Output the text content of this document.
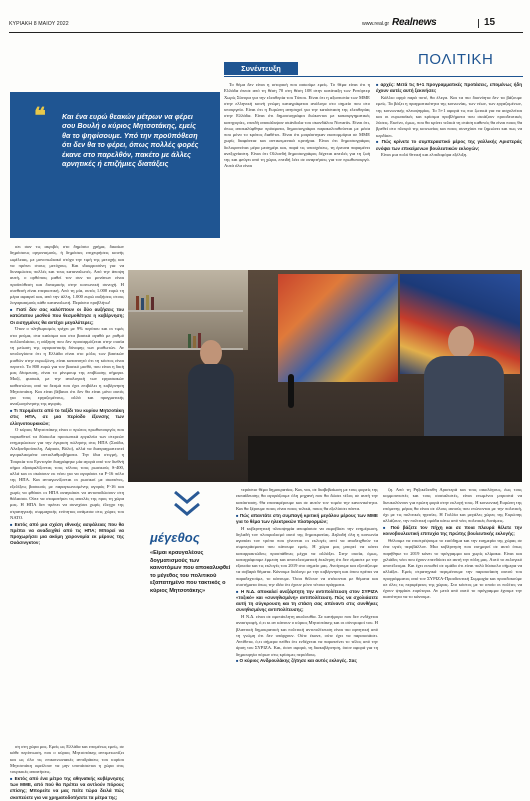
ΚΥΡΙΑΚΗ 8 ΜΑΙΟΥ 2022	www.real.gr Realnews	15
Συνέντευξη
ΠΟΛΙΤΙΚΗ
❝ Και ένα ευρώ θεακών μέτρων να φέρει σου Βουλή ο κύριος Μητσοτάκης, εμείς θα το ψηφίσουμε. Υπό την προϋπόθεση ότι δεν θα το φέρει, όπως πολλές φορές έκανε στο παρελθόν, πακέτο με άλλες αρνητικές ή επιζήμιες διατάξεις

Το θέμα δεν είναι η ιστορική που ασκούμε εμείς. Το θέμα είναι ότι η Ελλάδα έπεσε από τη θέση 70 στη θέση 108 στην κατάταξη των Ρεπόρτερ Χωρίς Σύνορα για την ελευθερία του Τύπου. Είναι ότι η αξιοπιστία των ΜΜΕ στην ελληνική κοινή γνώμη καταγράφεται ανάλογα στο σημείο που στο υπουργείο. Είναι ότι η Ευρώπη ανησυχεί για την κατάσταση της ελευθερίας στην Ελλάδα. Είναι ότι δημοσιογράφοι διώκονται με κακουργηματικές κατηγορίες, επειδή αποκάλυψαν σκάνδαλα του σκανδάλου Novartis. Είναι ότι, όπως αποκαλύφθηκε πρόσφατα, δημοσιογράφοι παρακολουθούνται με μέσα που μόνο το κράτος διαθέτει. Είναι ότι μοιράστηκαν εκατομμύρια σε ΜΜΕ χωρίς διαφάνεια και αντικειμενικά κριτήρια. Είναι ότι δημοσιογράφος δολοφονείται μέρα μεσημέρι και, παρά τις υποσχέσεις, τη έρευνα παραμένει ανεξιχνίαστη. Είναι ότι Ολλανδή δημοσιογράφος δέχεται απειλές για τη ζωή της και φεύγει από τη χώρα, επειδή λέει σε αναρτήσεις για τον πρωθυπουργό. Αυτά όλα είναι

■ αρχές: Μετά τις 5+1 προγραμματικές προτάσεις, επομένως ήδη έχουν αυτές αυτή ξεκινήσει;

Κάλλιο αργά παρά ποτέ, θα έλεγα. Και τα πιο δυσνόητα δεν τα βάζουμε εμείς. Τα βάζει η πραγματικότητα της κοινωνίας, των νέων, των εργαζομένων, της κοινωνικής πλειοψηφίας. Το 5+1 αφορά τις πιο ζωτικά για να ασχολείται και οι ευρωπαϊκές και κρίσιμα προβλήματα που σκιάζουν προοδευτικές λύσεις. Εκείνο, όμως, που θα κρίνει τελικά τη στάση καθενός θα είναι ποιος θα βρεθεί στο πλευρό της κοινωνίας και ποιος συνεχίσει να ζημιώνει και πως να κερδίσει.

■ Πώς κρίνετε το συμπεραστικό μέρος της γαλλικής Αριστεράς ενόψει των επικείμενων βουλευτικών εκλογών;

Είναι μια πολύ θετική και ελπιδοφόρα εξέλιξη.

σει σαν τις ακριβές στο δημόσιο χρήμα, δικαίων δημόσιους οργανισμούς, ή δημόσιες επιχειρήσεις κοινής ωφέλειας, με μονοπωλιακό στόχο την τιμή της μετοχής και να πρέπει στους μετόχους. Και ιδιοφροσύνη για να δυναμώσεις πολλές και τους καταναλωτές. Από την άποψη αυτή, ο ορθόποις μαθεί τον συν τα μονάνων είναι προϋπόθεση και δυναμικής στην κοινωνική συνοχή. Η συνθεσή είναι επερκοτική. Από τη μία, ουτός 1.000 ευρώ τη μέρα αφαιρεί και, από την άλλη, 1.000 ευρώ αυξήσεις στους λογαριασμούς κάθε καταναλωτή. Περάστο προβλήτω!

■ Γιατί δεν σας καλύπτουν οι δύο αυξήσεις του κατώτατου μισθού που θεσμοθέτησε η κυβέρνηση; Οι εισηγμένες θα αντέχει μεγαλύτερες;

Όταν ο πληθωρισμός τρέχει με 9% περίπου και οι τιμές στα ρεύμα, στα καύσιμα και στα βασικά αγαθά με ρυθμό πολλαπλάσιο, η αύξηση που δεν προσαρμόζεται στην ουσία τη μείωση της αγοραστικής δύναμης των μισθωτών. Αν υπολογίσετε ότι η Ελλάδα είναι στο μόλις των βασικών μισθών στην ευρωζώνη, είναι κατανοητό ότι τη κόστος είναι περιττό. Το 800 ευρώ για τον βασικό μισθό, που είναι η δική μας δέσμευση, είναι το μίνιμουμ της επιβίωσης σήμερα. Μαζί, φυσικά, με την αναλογική των εργασιακών καθεστώτος από τα δεσμά που έχει επιβάλει η κυβέρνηση Μητσοτάκη. Και είναι βέβαιοι ότι δεν θα είναι μόνο αυτός για τους εργαζομένους, αλλά και πραγματικής αναζωογόνησης της αγοράς.

■ Τι περιμένετε από το ταξίδι του κυρίου Μητσοτάκη στις ΗΠΑ, σε μια περίοδο έξυνσης των ελληνοτουρκικών;

Ο κύριος Μητσοτάκης είναι ο πρώτος πρωθυπουργός που ναρκοθετεί τα δύσκολα προσωπικά εργαλεία των στερεών ενημερώσεων για την έγκριση πώλησης στις ΗΠΑ (Σούδα, Αλεξανδρούπολη, Λάρισα, Βόλο), αλλά να διαπραγματευτεί αγοραλασμένα αντισλαθμοβήματα. Την ίδια στιγμή, η Τουρκία του Ερντογάν διαγράφηκε μία αγορά από τον διεθνή σήμα εξασφαλίζοντας τους τέλους τους ρωσικούς S-400, αλλά και οι σκάσουν εκ νέου για να αγοράσει τα F-16 πόλο της ΗΠΑ. Και ανταγωνίζονται οι ρωσικοί με σκαπένες, εξελίξεις βασικούς με παραγκωνισμένης αγοράς F-16 και χωρίς να φθάσει οι ΗΠΑ αναγκάσει να ανταποδώσουν στη θάλασσα. Ούτε να σταματήσει τις απειλές της προς τη χώρα μας. Η ΗΠΑ δεν πρέπει να συνεχίσει χωρίς έλεγχο της στρατηγικής συμμαχικής ενότητας ανάμεσα στις χώρες του ΝΑΤΟ.

■ Εκτός από μια σχέση εθνικής ασφάλειας που θα πρέπει να αναδειχθεί από τις ΗΠΑ; Μπορεί να προχωρήσει μια ακόμη χειρονομία εκ μέρους της Ουάσινγκτον;	μέγεθος
«Είμαι κραυγαλέους δογματισμούς των καινοτόμων που αποκαλυφθεί το μέγεθος του πολιτικού εξαπατημένο που τακτικός ο κύριος Μητσοτάκης»

τεράστιο θέμα δημοκρατίας. Και, ναι, σε διαβεβαίωση με τους φορείς της εκπαίδευσης θα αγοράζουμε όλη μηχανή που θα δώσει τέλος σε αυτή την κατάσταση. Θα επαναφέρουμε και σε αυτόν τον τομέα την κανονικότητα. Και θα ξέρουμε ποιος είναι ποιος τελικά, ποιος θα εξελίσσει πάντα.

■ Πώς απαντάτε στη συμπαγή κριτική μεγάλου μέρους των ΜΜΕ για το θέμα των ηλεκτρικών πλατφορμών;

Η κυβερνητική πλειοψηφία αποφάσισε να εκφοβίσει την ενημέρωση, δηλαδή τον πλουραλισμό αυτό της δημοκρατίας. Δηλαδή όλη η κοινωνία αγαπάει τον τρόπο που γίνονται οι εκλογές αντί να αναδειχθούν τα συμπεράσματα που κάνουμε εμείς. Η χώρα μας μπορεί να κάνει καταρρακτώδεις προσπάθειες μέχρι να αλλάξει. Στην ουσία, όμως, καταγράφουμε έμμεση και αποτελεσματική έκκληση ότι δεν είμαστε με την εξουσία και τις εκλογές του 2019 στο σημείο μας. Ανοίγουμε και εξετάζουμε τα σοβαρά θέματα. Κάνουμε διάλογο με την κυβέρνηση και όπου πρέπει να παραδεχτούμε, το κάνουμε. Όσοι θέλουν να στέκονται με θέματα και συστήματα όπως την ιδέα ότι έχουν μόνο τέτοια πράγματα.

■ Η Ν.Δ. αποκαλεί ανεξάρτητη την αντιπολίτευση στον ΣΥΡΙΖΑ «τοξικό» και «συνηθισμένη» αντιπολίτευση. Πώς να σχολιάσετε αυτή τη σύγκρουση και τη στάση σας απέναντι στις συνθήκες συνηθισμένης αντιπολίτευσης;

Η Ν.Δ. είναι σε αμετάκλητη ακολουθία. Σε κατήφορο που δεν ενδέχεται αναστροφή, ό,τι κι αν κάνουν ο κύριος Μητσοτάκης και οι σύντροφοί του. Η βλαπτική δημοκρατική και πολιτική αντιπολίτευση είναι πιο αρνητική από τη γνώμη ότι δεν υπάρχουν. Ούτε έκανε, ούτε έχει να παρουσιάσει. Αντίθετα, ό,τι σήμερα πείθει ότι ενδέχεται να παρατείνει το τέλος από την άρση του ΣΥΡΙΖΑ. Και, όσον αφορά, τη διακυβέρνηση, όσον αφορά για τη δημιουργία πόρων στις κρίσιμες περιόδους.

■ Ο κύριος Ανδρουλάκης ζήτησε και αυτός εκλογές. Σας

ζη. Από τη Ρηξικέλευθη Αριστερά και τους οικολόγους, έως τους κομμουνιστές και τους σοσιαλιστές, είναι ενωμένοι μπροστά να διευκολύνουν για πρώτη φορά στην εκλογή τους. Η κοινωνική Ευρώπη της επόμενης μέρας θα είναι σε όλους αυτούς που ενώνονται με την πολιτική, όχι με τις πολιτικές ηγεσίες. Η Γαλλία και μεγάλες χώρες της Ευρώπης αλλάζουν, την πολιτική ομάδα κάτω από νέες πολιτικές δυνάμεις.

■ Πού βάζετε τον πήχη και σε ποια πλευρά θέλετε την κοινοβουλευτική επιτυχία της πρώτης βουλευτικής εκλογής;

Θέλουμε να επιστρέψουμε το εισόδημα και την ευημερία της χώρας σε ένα υγιές περιβάλλον. Μια κυβέρνηση που ευημερεί σε αυτό όπως παρήθηκε το 2019 κάνει το πρόγραμμα και χωρίς κλίμακα. Είναι και χιλιάδες νέοι που έχουν επενδύσει σε αυτή την πόλη μας. Αυτό το εκλογικό αποτέλεσμα. Και έχει ειπωθεί σε ομάδα ότι είναι πολύ δύσκολο σήμερα να αλλάξει. Εμείς στρατηγικά περιμένουμε την παρουσίαση αυτού του προγράμματος από τον ΣΥΡΙΖΑ-Προοδευτική Συμμαχία και προσδοκούμε σε όλες τις περιφέρειες της χώρας. Στο κόστος με το οποίο οι πολίτες να έχουν ψηφίσει ευρύτερα. Αν μετά από αυτό το πρόγραμμα έχουμε την ικανότητα να το κάνουμε.

ση στη χώρα μας. Εμείς ως Ελλάδα και επομένως εμείς, σε κάθε περίπτωση, που ο κύριος Μητσοτάκης αντιμετωπίζει και ως όλο τις επικοινωνιακές αντιδράσεις του κυρίου Μητσοτάκη οφείλουν να μην υποτάσσεται η χώρα στις τουρκικές απαιτήσεις.

■ Εκτός από ένα μέτρο της αθηναϊκής κυβέρνησης των ΜΜΕ, από πού θα πρέπει να αντλούν πόρους επίσης; Μπορείτε να μας πείτε τώρα δειλά πώς σκοπεύετε για να χρηματοδοτήσετε τα μέτρα της;
